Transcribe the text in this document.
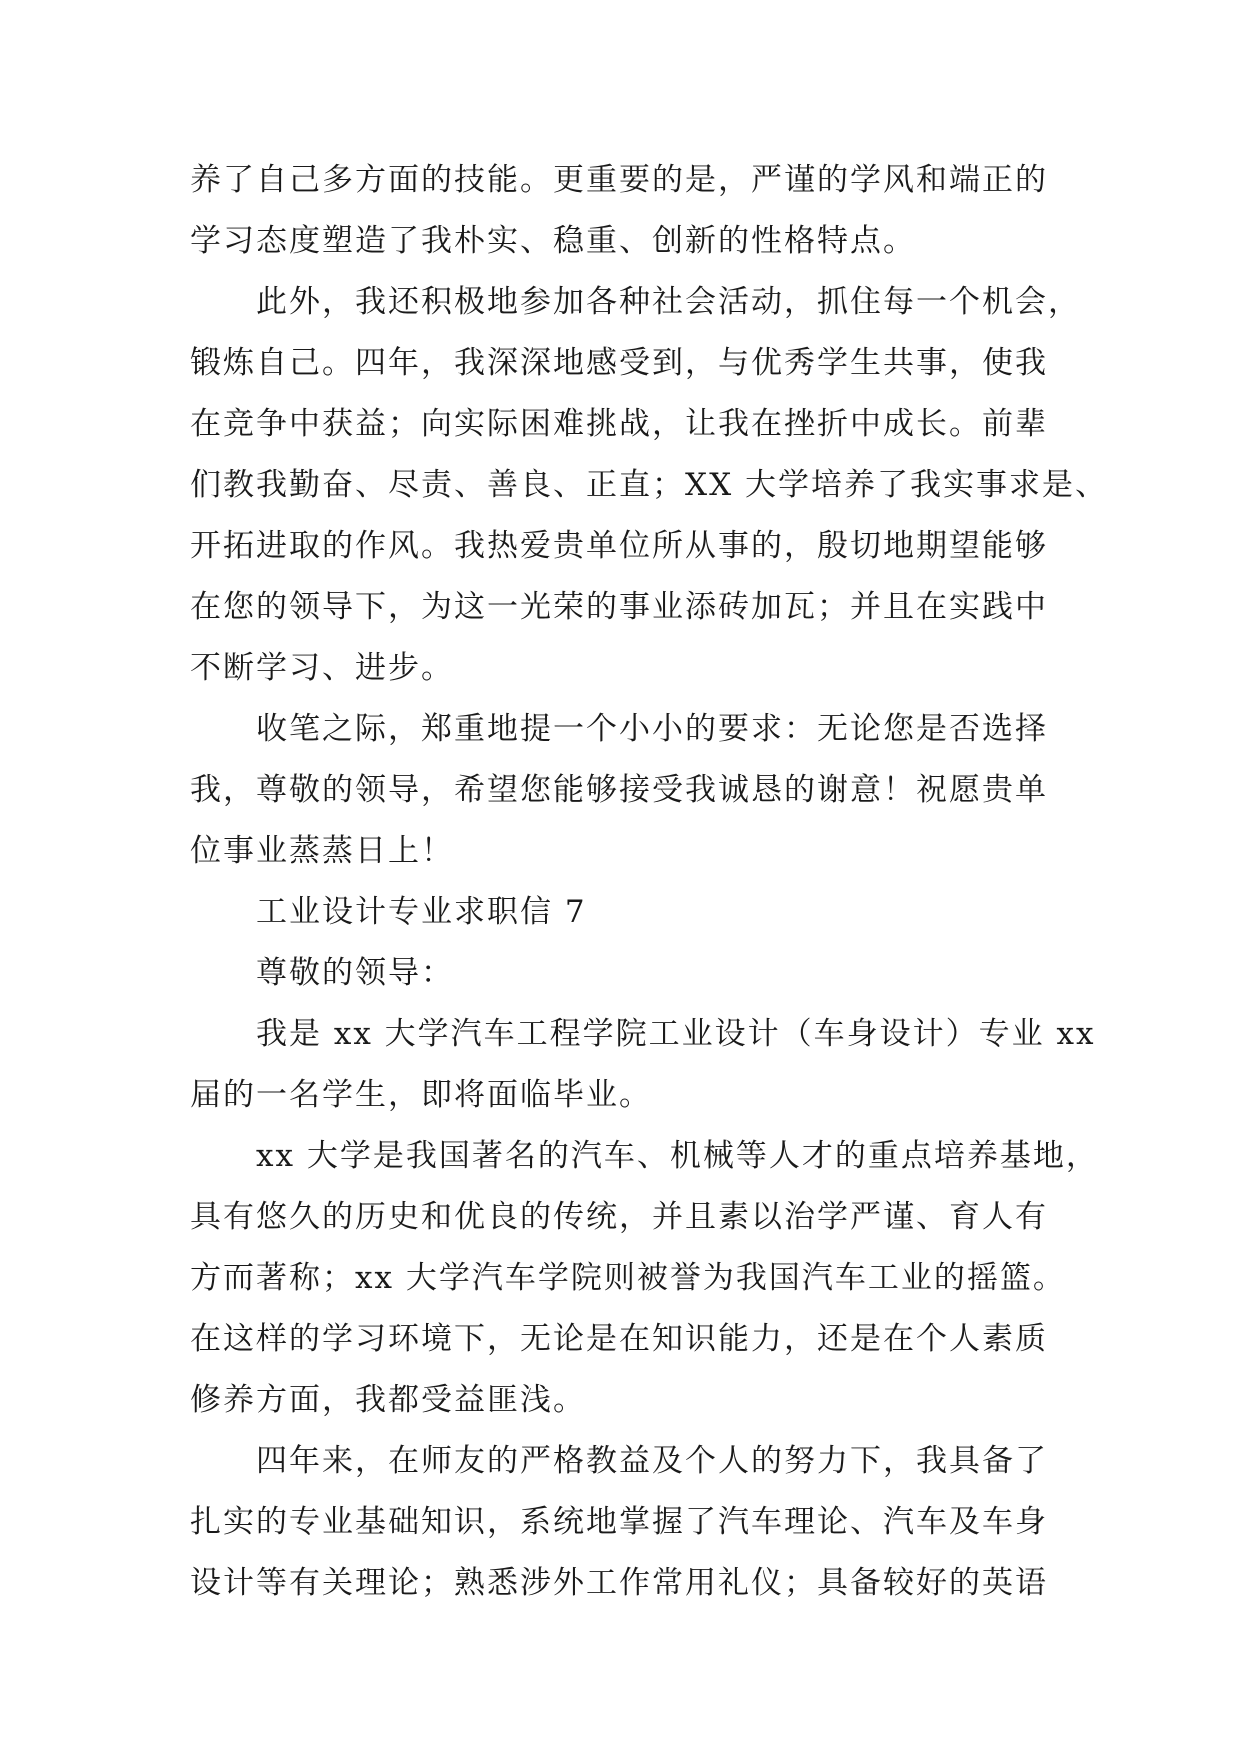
养了自己多方面的技能。更重要的是，严谨的学风和端正的
学习态度塑造了我朴实、稳重、创新的性格特点。
此外，我还积极地参加各种社会活动，抓住每一个机会，
锻炼自己。四年，我深深地感受到，与优秀学生共事，使我
在竞争中获益；向实际困难挑战，让我在挫折中成长。前辈
们教我勤奋、尽责、善良、正直；XX 大学培养了我实事求是、
开拓进取的作风。我热爱贵单位所从事的，殷切地期望能够
在您的领导下，为这一光荣的事业添砖加瓦；并且在实践中
不断学习、进步。
收笔之际，郑重地提一个小小的要求：无论您是否选择
我，尊敬的领导，希望您能够接受我诚恳的谢意！祝愿贵单
位事业蒸蒸日上！
工业设计专业求职信 7
尊敬的领导：
我是 xx 大学汽车工程学院工业设计（车身设计）专业 xx
届的一名学生，即将面临毕业。
xx 大学是我国著名的汽车、机械等人才的重点培养基地，
具有悠久的历史和优良的传统，并且素以治学严谨、育人有
方而著称；xx 大学汽车学院则被誉为我国汽车工业的摇篮。
在这样的学习环境下，无论是在知识能力，还是在个人素质
修养方面，我都受益匪浅。
四年来，在师友的严格教益及个人的努力下，我具备了
扎实的专业基础知识，系统地掌握了汽车理论、汽车及车身
设计等有关理论；熟悉涉外工作常用礼仪；具备较好的英语
